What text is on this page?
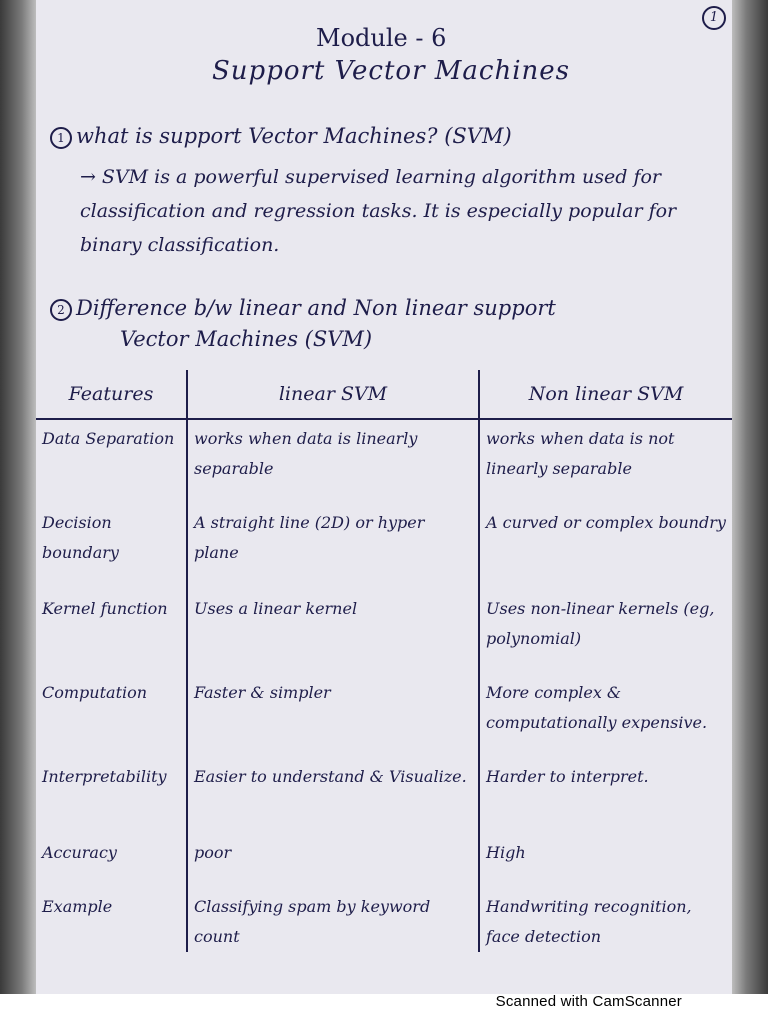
1
Module - 6
Support Vector Machines
1 what is support Vector Machines? (SVM)
→ SVM is a powerful supervised learning algorithm used for classification and regression tasks. It is especially popular for binary classification.
2 Difference b/w linear and Non linear support
Vector Machines (SVM)
Features	linear SVM	Non linear SVM
Data Separation	works when data is linearly separable	works when data is not linearly separable
Decision boundary	A straight line (2D) or hyper plane	A curved or complex boundry
Kernel function	Uses a linear kernel	Uses non-linear kernels (eg, polynomial)
Computation	Faster & simpler	More complex & computationally expensive.
Interpretability	Easier to understand & Visualize.	Harder to interpret.
Accuracy	poor	High
Example	Classifying spam by keyword count	Handwriting recognition, face detection
Scanned with CamScanner
